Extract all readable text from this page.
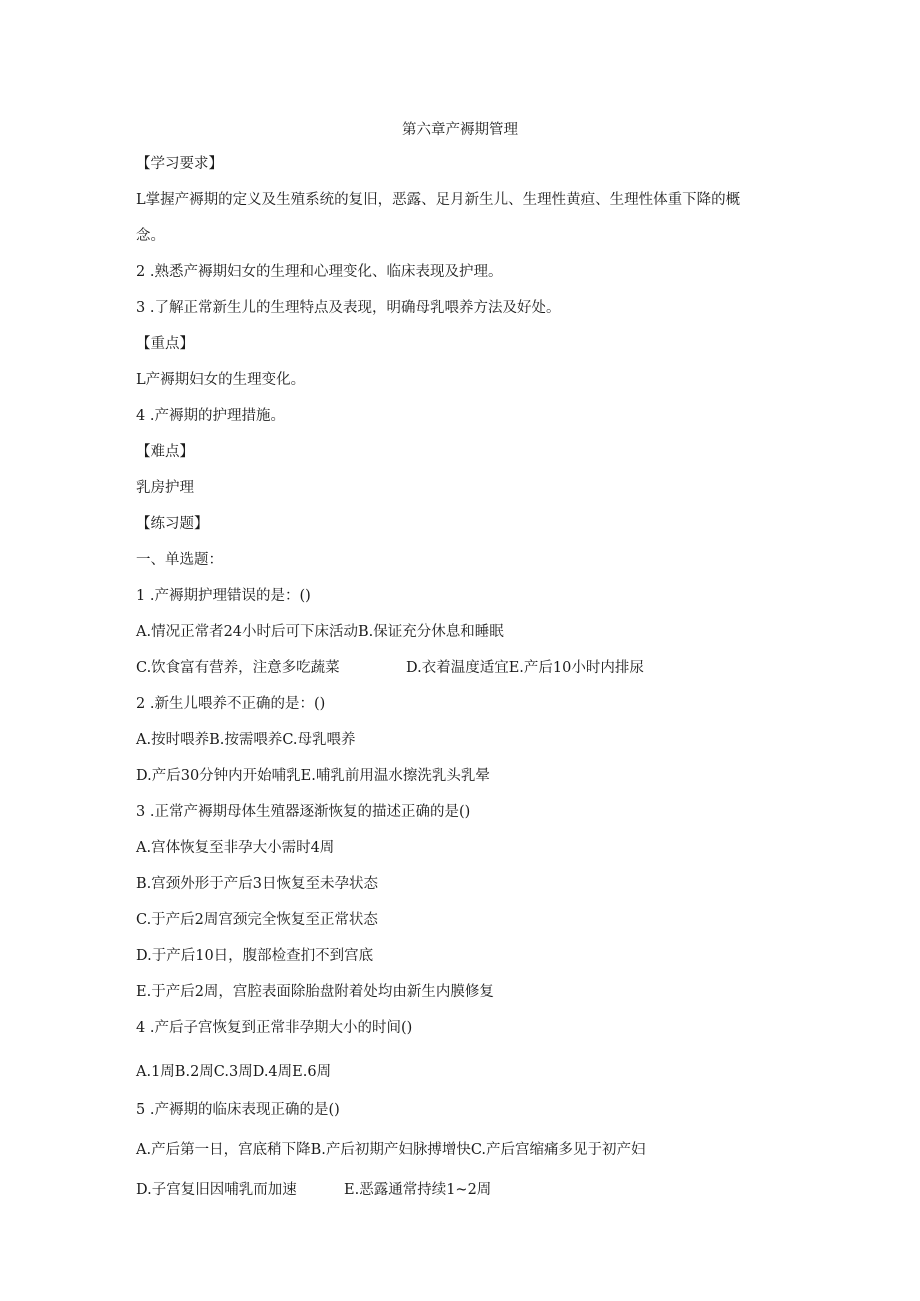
第六章产褥期管理
【学习要求】
L掌握产褥期的定义及生殖系统的复旧，恶露、足月新生儿、生理性黄疸、生理性体重下降的概
念。
2 .熟悉产褥期妇女的生理和心理变化、临床表现及护理。
3 .了解正常新生儿的生理特点及表现，明确母乳喂养方法及好处。
【重点】
L产褥期妇女的生理变化。
4 .产褥期的护理措施。
【难点】
乳房护理
【练习题】
一、单选题：
1 .产褥期护理错误的是：()
A.情况正常者24小时后可下床活动B.保证充分休息和睡眠
C.饮食富有营养，注意多吃蔬菜	D.衣着温度适宜E.产后10小时内排尿
2 .新生儿喂养不正确的是：()
A.按时喂养B.按需喂养C.母乳喂养
D.产后30分钟内开始哺乳E.哺乳前用温水擦洗乳头乳晕
3 .正常产褥期母体生殖器逐渐恢复的描述正确的是()
A.宫体恢复至非孕大小需时4周
B.宫颈外形于产后3日恢复至未孕状态
C.于产后2周宫颈完全恢复至正常状态
D.于产后10日，腹部检查扪不到宫底
E.于产后2周，宫腔表面除胎盘附着处均由新生内膜修复
4 .产后子宫恢复到正常非孕期大小的时间()
A.1周B.2周C.3周D.4周E.6周
5 .产褥期的临床表现正确的是()
A.产后第一日，宫底稍下降B.产后初期产妇脉搏增快C.产后宫缩痛多见于初产妇
D.子宫复旧因哺乳而加速	E.恶露通常持续1~2周
